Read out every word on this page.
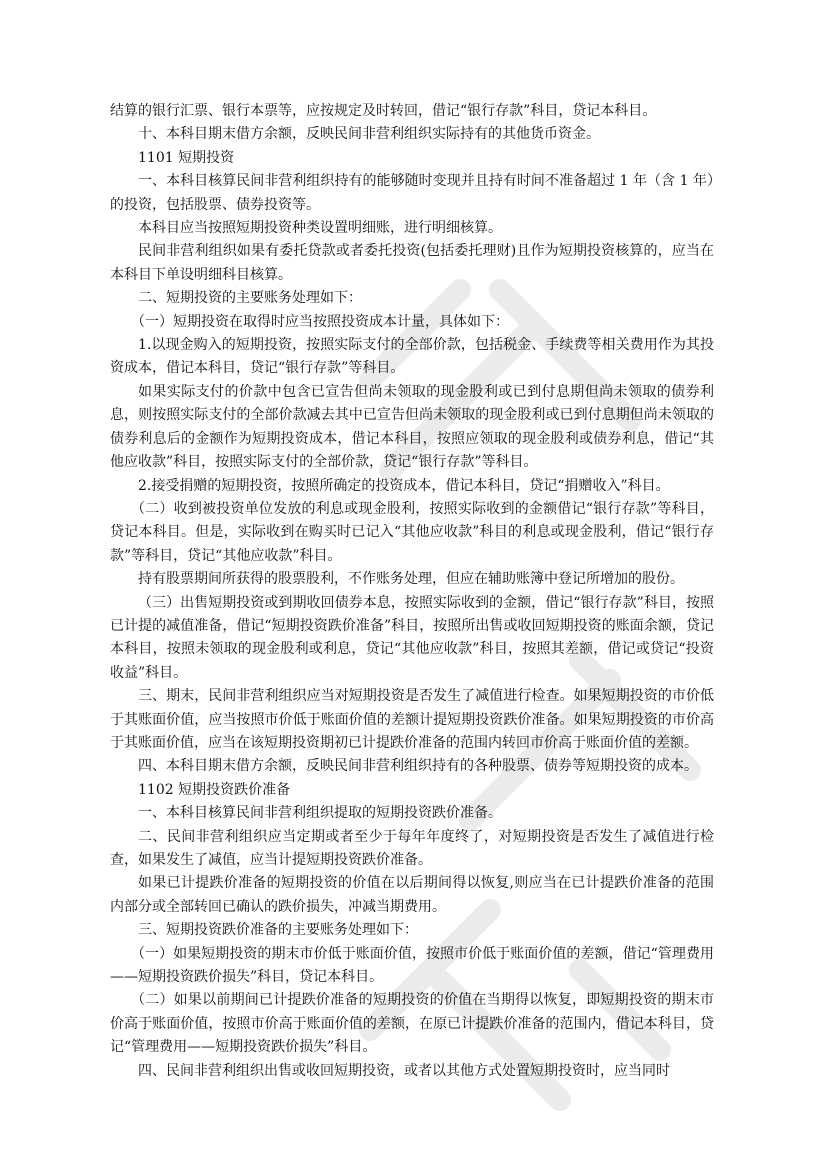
结算的银行汇票、银行本票等，应按规定及时转回，借记“银行存款”科目，贷记本科目。

十、本科目期末借方余额，反映民间非营利组织实际持有的其他货币资金。

1101 短期投资

一、本科目核算民间非营利组织持有的能够随时变现并且持有时间不准备超过 1 年（含 1 年）的投资，包括股票、债券投资等。

本科目应当按照短期投资种类设置明细账，进行明细核算。

民间非营利组织如果有委托贷款或者委托投资(包括委托理财)且作为短期投资核算的，应当在本科目下单设明细科目核算。

二、短期投资的主要账务处理如下：

（一）短期投资在取得时应当按照投资成本计量，具体如下：

1.以现金购入的短期投资，按照实际支付的全部价款，包括税金、手续费等相关费用作为其投资成本，借记本科目，贷记“银行存款”等科目。

如果实际支付的价款中包含已宣告但尚未领取的现金股利或已到付息期但尚未领取的债券利息，则按照实际支付的全部价款减去其中已宣告但尚未领取的现金股利或已到付息期但尚未领取的债券利息后的金额作为短期投资成本，借记本科目，按照应领取的现金股利或债券利息，借记“其他应收款”科目，按照实际支付的全部价款，贷记“银行存款”等科目。

2.接受捐赠的短期投资，按照所确定的投资成本，借记本科目，贷记“捐赠收入”科目。

（二）收到被投资单位发放的利息或现金股利，按照实际收到的金额借记“银行存款”等科目，贷记本科目。但是，实际收到在购买时已记入“其他应收款”科目的利息或现金股利，借记“银行存款”等科目，贷记“其他应收款”科目。

持有股票期间所获得的股票股利，不作账务处理，但应在辅助账簿中登记所增加的股份。

（三）出售短期投资或到期收回债券本息，按照实际收到的金额，借记“银行存款”科目，按照已计提的减值准备，借记“短期投资跌价准备”科目，按照所出售或收回短期投资的账面余额，贷记本科目，按照未领取的现金股利或利息，贷记“其他应收款”科目，按照其差额，借记或贷记“投资收益”科目。

三、期末，民间非营利组织应当对短期投资是否发生了减值进行检查。如果短期投资的市价低于其账面价值，应当按照市价低于账面价值的差额计提短期投资跌价准备。如果短期投资的市价高于其账面价值，应当在该短期投资期初已计提跌价准备的范围内转回市价高于账面价值的差额。

四、本科目期末借方余额，反映民间非营利组织持有的各种股票、债券等短期投资的成本。

1102 短期投资跌价准备

一、本科目核算民间非营利组织提取的短期投资跌价准备。

二、民间非营利组织应当定期或者至少于每年年度终了，对短期投资是否发生了减值进行检查，如果发生了减值，应当计提短期投资跌价准备。

如果已计提跌价准备的短期投资的价值在以后期间得以恢复,则应当在已计提跌价准备的范围内部分或全部转回已确认的跌价损失，冲减当期费用。

三、短期投资跌价准备的主要账务处理如下：

（一）如果短期投资的期末市价低于账面价值，按照市价低于账面价值的差额，借记“管理费用——短期投资跌价损失”科目，贷记本科目。

（二）如果以前期间已计提跌价准备的短期投资的价值在当期得以恢复，即短期投资的期末市价高于账面价值，按照市价高于账面价值的差额，在原已计提跌价准备的范围内，借记本科目，贷记“管理费用——短期投资跌价损失”科目。

四、民间非营利组织出售或收回短期投资，或者以其他方式处置短期投资时，应当同时
